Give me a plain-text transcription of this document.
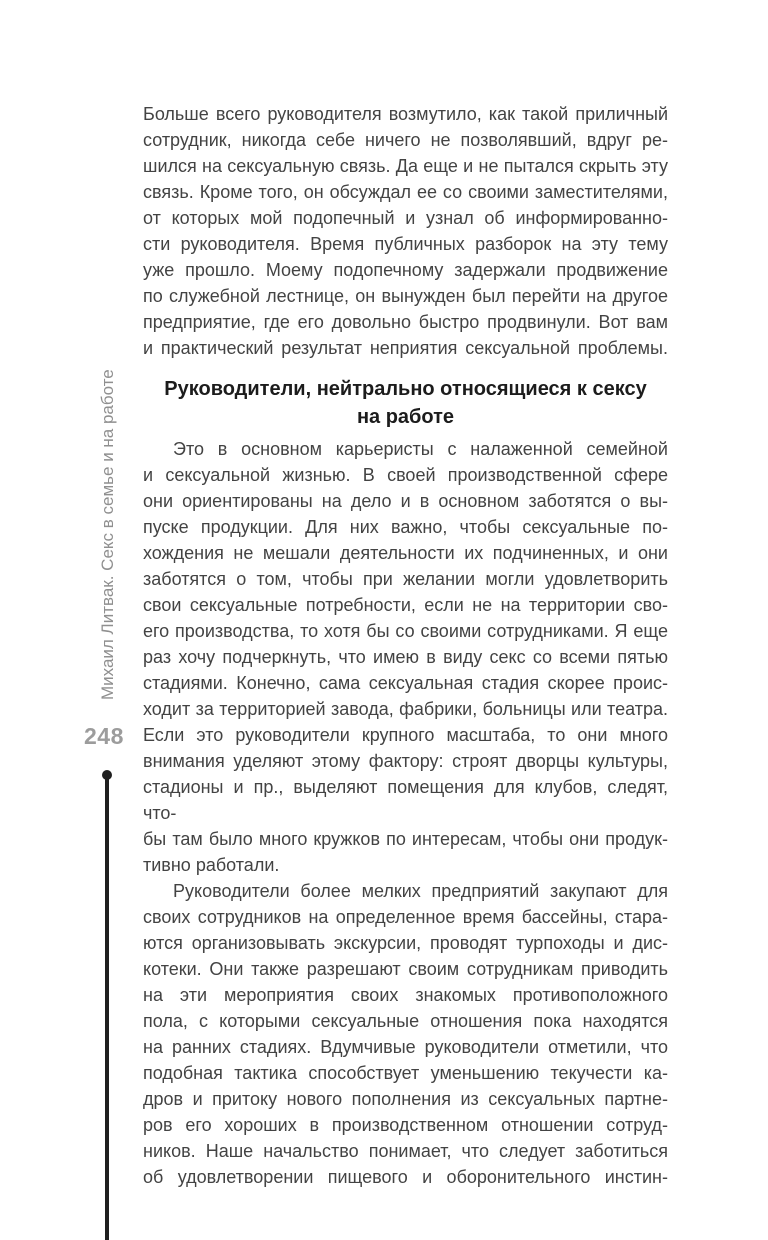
Михаил Литвак. Секс в семье и на работе
248
Больше всего руководителя возмутило, как такой приличный
сотрудник, никогда себе ничего не позволявший, вдруг ре-
шился на сексуальную связь. Да еще и не пытался скрыть эту
связь. Кроме того, он обсуждал ее со своими заместителями,
от которых мой подопечный и узнал об информированно-
сти руководителя. Время публичных разборок на эту тему
уже прошло. Моему подопечному задержали продвижение
по служебной лестнице, он вынужден был перейти на другое
предприятие, где его довольно быстро продвинули. Вот вам
и практический результат неприятия сексуальной проблемы.
Руководители, нейтрально относящиеся к сексу
на работе
Это в основном карьеристы с налаженной семейной
и сексуальной жизнью. В своей производственной сфере
они ориентированы на дело и в основном заботятся о вы-
пуске продукции. Для них важно, чтобы сексуальные по-
хождения не мешали деятельности их подчиненных, и они
заботятся о том, чтобы при желании могли удовлетворить
свои сексуальные потребности, если не на территории сво-
его производства, то хотя бы со своими сотрудниками. Я еще
раз хочу подчеркнуть, что имею в виду секс со всеми пятью
стадиями. Конечно, сама сексуальная стадия скорее проис-
ходит за территорией завода, фабрики, больницы или театра.
Если это руководители крупного масштаба, то они много
внимания уделяют этому фактору: строят дворцы культуры,
стадионы и пр., выделяют помещения для клубов, следят, что-
бы там было много кружков по интересам, чтобы они продук-
тивно работали.
Руководители более мелких предприятий закупают для
своих сотрудников на определенное время бассейны, стара-
ются организовывать экскурсии, проводят турпоходы и дис-
котеки. Они также разрешают своим сотрудникам приводить
на эти мероприятия своих знакомых противоположного
пола, с которыми сексуальные отношения пока находятся
на ранних стадиях. Вдумчивые руководители отметили, что
подобная тактика способствует уменьшению текучести ка-
дров и притоку нового пополнения из сексуальных партне-
ров его хороших в производственном отношении сотруд-
ников. Наше начальство понимает, что следует заботиться
об удовлетворении пищевого и оборонительного инстин-
